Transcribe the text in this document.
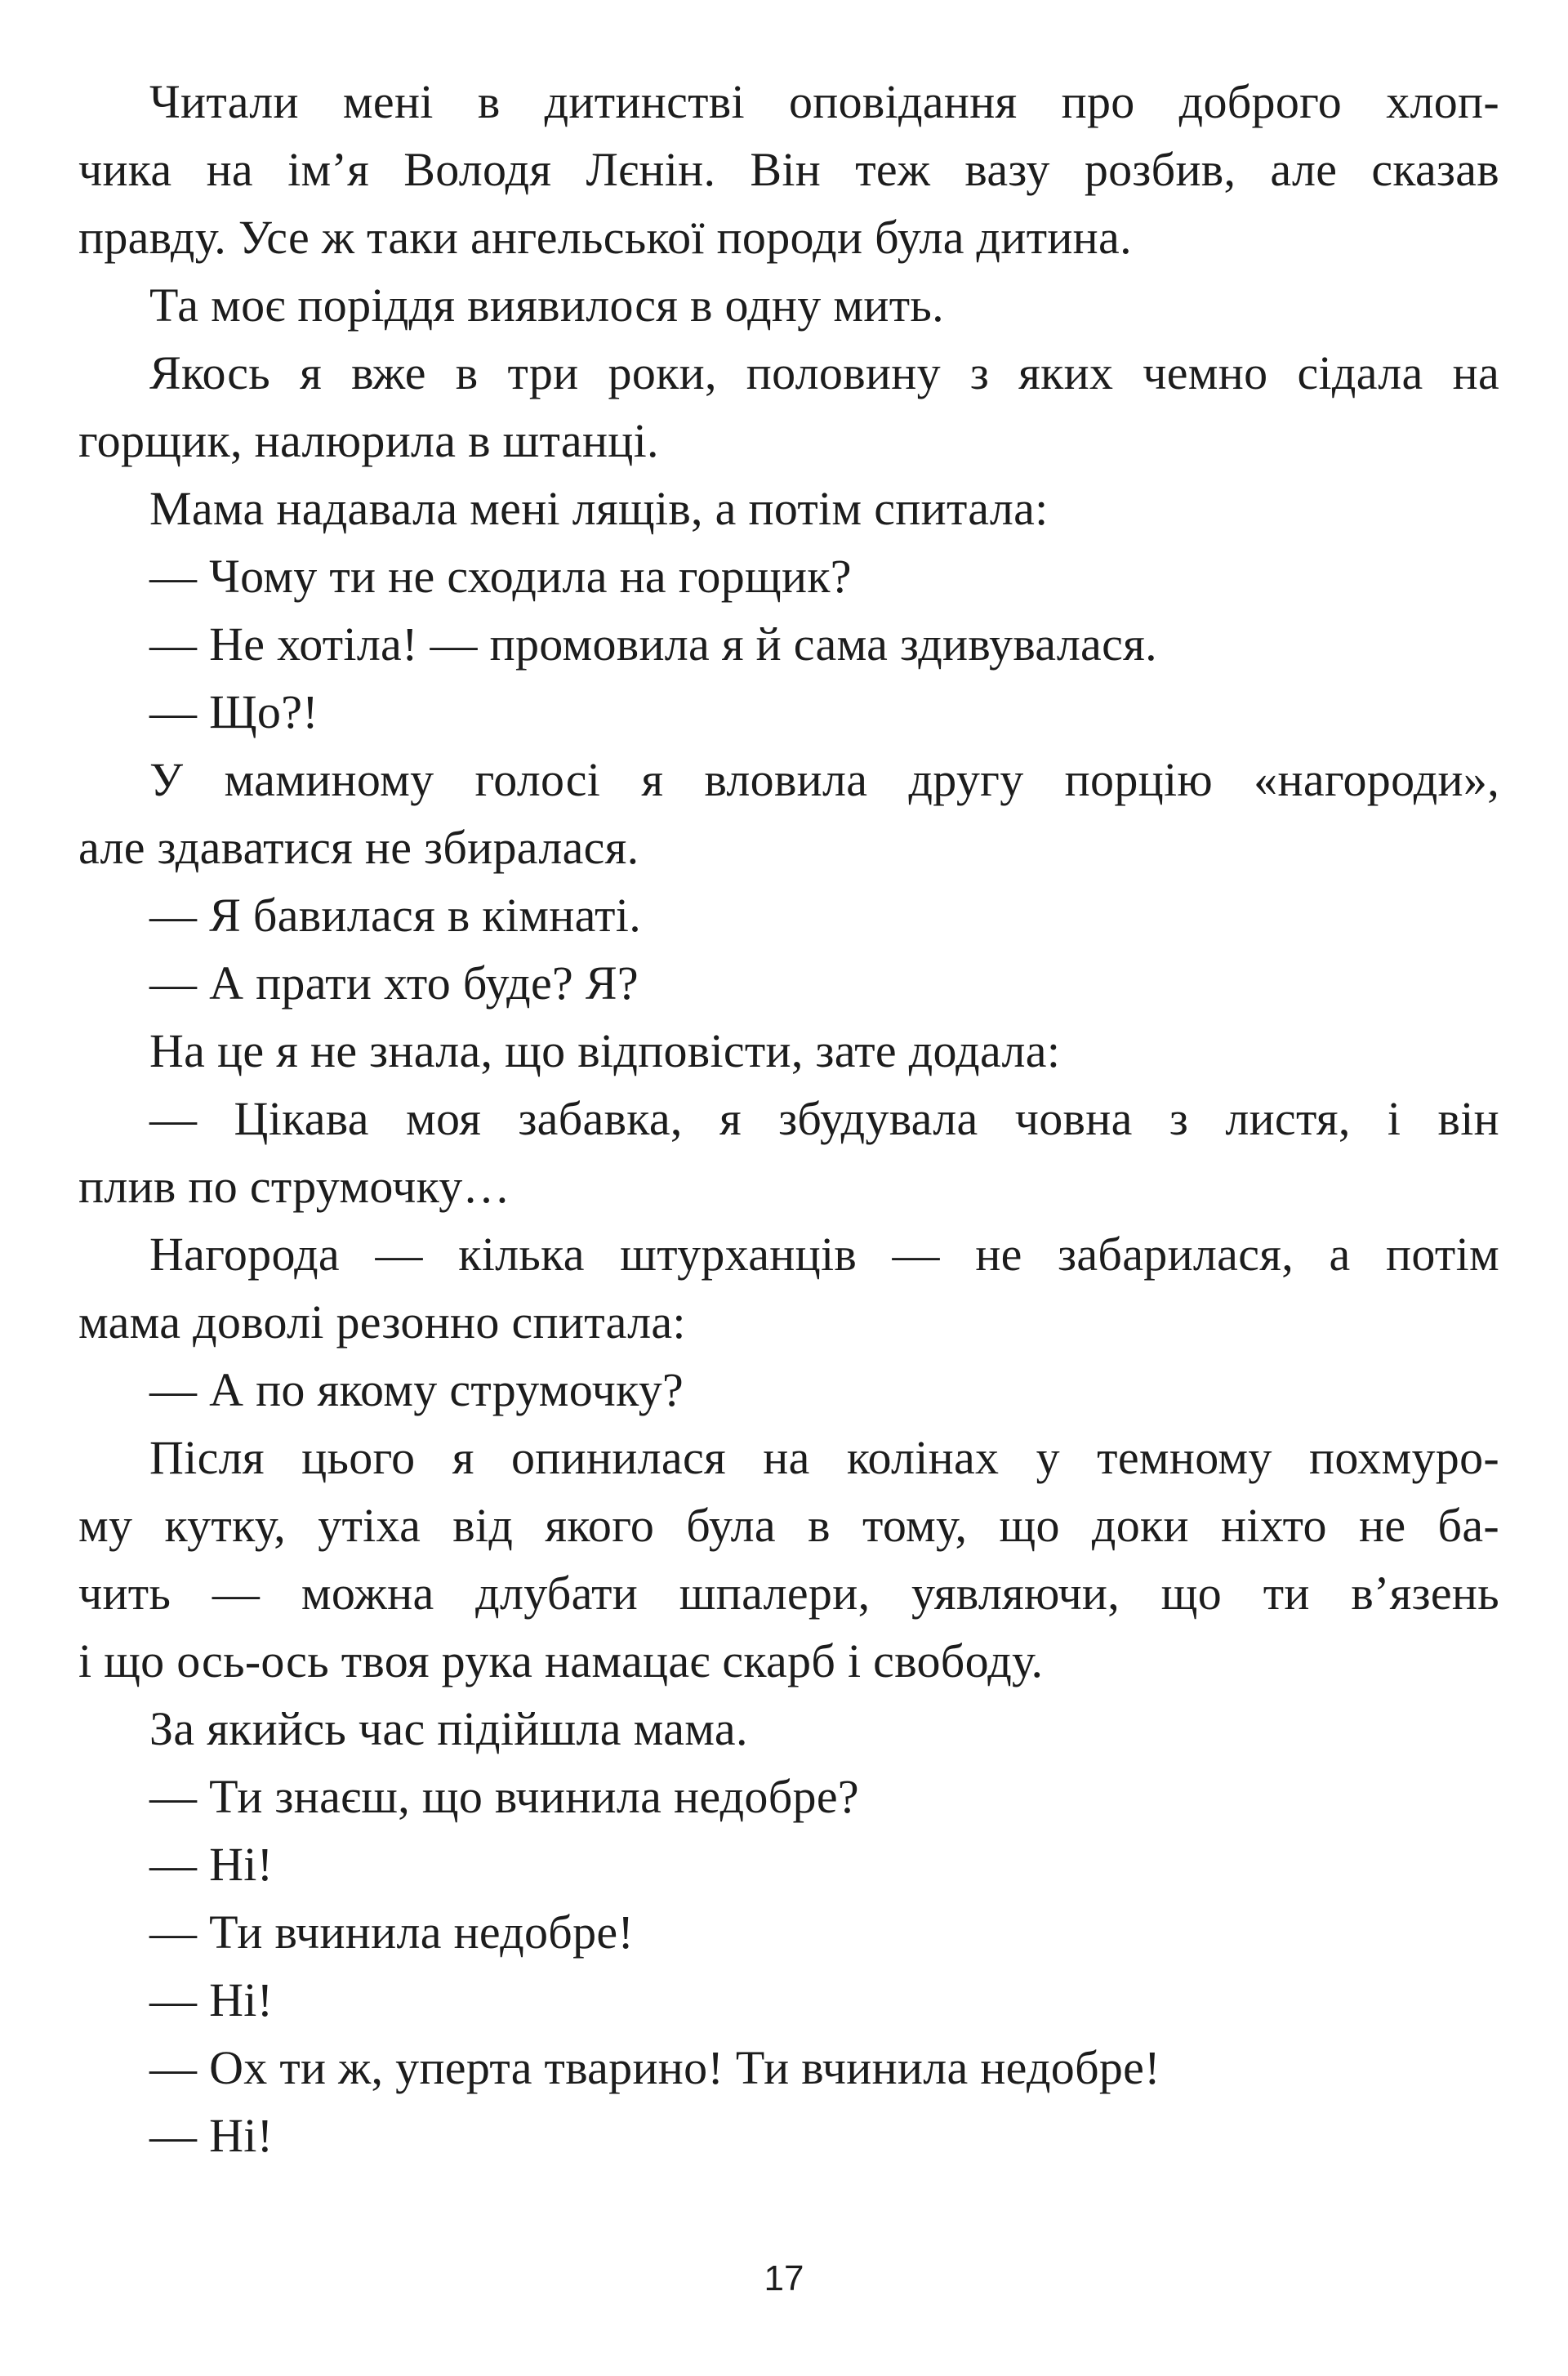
Читали мені в дитинстві оповідання про доброго хлоп-
чика на ім’я Володя Лєнін. Він теж вазу розбив, але сказав
правду. Усе ж таки ангельської породи була дитина.
Та моє поріддя виявилося в одну мить.
Якось я вже в три роки, половину з яких чемно сідала на
горщик, налюрила в штанці.
Мама надавала мені лящів, а потім спитала:
— Чому ти не сходила на горщик?
— Не хотіла! — промовила я й сама здивувалася.
— Що?!
У маминому голосі я вловила другу порцію «нагороди»,
але здаватися не збиралася.
— Я бавилася в кімнаті.
— А прати хто буде? Я?
На це я не знала, що відповісти, зате додала:
— Цікава моя забавка, я збудувала човна з листя, і він
плив по струмочку…
Нагорода — кілька штурханців — не забарилася, а потім
мама доволі резонно спитала:
— А по якому струмочку?
Після цього я опинилася на колінах у темному похмуро-
му кутку, утіха від якого була в тому, що доки ніхто не ба-
чить — можна длубати шпалери, уявляючи, що ти в’язень
і що ось-ось твоя рука намацає скарб і свободу.
За якийсь час підійшла мама.
— Ти знаєш, що вчинила недобре?
— Ні!
— Ти вчинила недобре!
— Ні!
— Ох ти ж, уперта тварино! Ти вчинила недобре!
— Ні!
17
